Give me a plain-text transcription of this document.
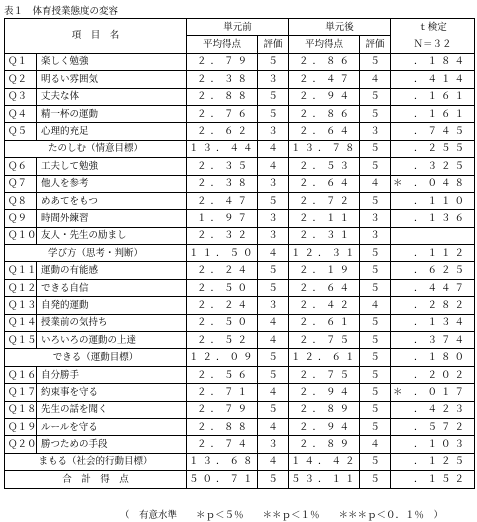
表１　体育授業態度の変容
項　目　名		単元前		単元後		ｔ検定	
		平均得点	評価	平均得点	評価	Ｎ＝３２	
Ｑ１	楽しく勉強	２．７９	５	２．８６	５		．１８４
Ｑ２	明るい雰囲気	２．３８	３	２．４７	４		．４１４
Ｑ３	丈夫な体	２．８８	５	２．９４	５		．１６１
Ｑ４	精一杯の運動	２．７６	５	２．８６	５		．１６１
Ｑ５	心理的充足	２．６２	３	２．６４	３		．７４５
たのしむ（情意目標）		１３．４４	４	１３．７８	５		．２５５
Ｑ６	工夫して勉強	２．３５	４	２．５３	５		．３２５
Ｑ７	他人を参考	２．３８	３	２．６４	４	＊	．０４８
Ｑ８	めあてをもつ	２．４７	５	２．７２	５		．１１０
Ｑ９	時間外練習	１．９７	３	２．１１	３		．１３６
Ｑ１０	友人・先生の励まし	２．３２	３	２．３１	３		
学び方（思考・判断）		１１．５０	４	１２．３１	５		．１１２
Ｑ１１	運動の有能感	２．２４	５	２．１９	５		．６２５
Ｑ１２	できる自信	２．５０	５	２．６４	５		．４４７
Ｑ１３	自発的運動	２．２４	３	２．４２	４		．２８２
Ｑ１４	授業前の気持ち	２．５０	４	２．６１	５		．１３４
Ｑ１５	いろいろの運動の上達	２．５２	４	２．７５	５		．３７４
できる（運動目標）		１２．０９	５	１２．６１	５		．１８０
Ｑ１６	自分勝手	２．５６	５	２．７５	５		．２０２
Ｑ１７	約束事を守る	２．７１	４	２．９４	５	＊	．０１７
Ｑ１８	先生の話を聞く	２．７９	５	２．８９	５		．４２３
Ｑ１９	ルールを守る	２．８８	４	２．９４	５		．５７２
Ｑ２０	勝つための手段	２．７４	３	２．８９	４		．１０３
まもる（社会的行動目標）		１３．６８	４	１４．４２	５		．１２５
合　計　得　点		５０．７１	５	５３．１１	５		．１５２
（　有意水準　　＊ｐ＜５％　　＊＊ｐ＜１％　　＊＊＊ｐ＜０．１％　）
